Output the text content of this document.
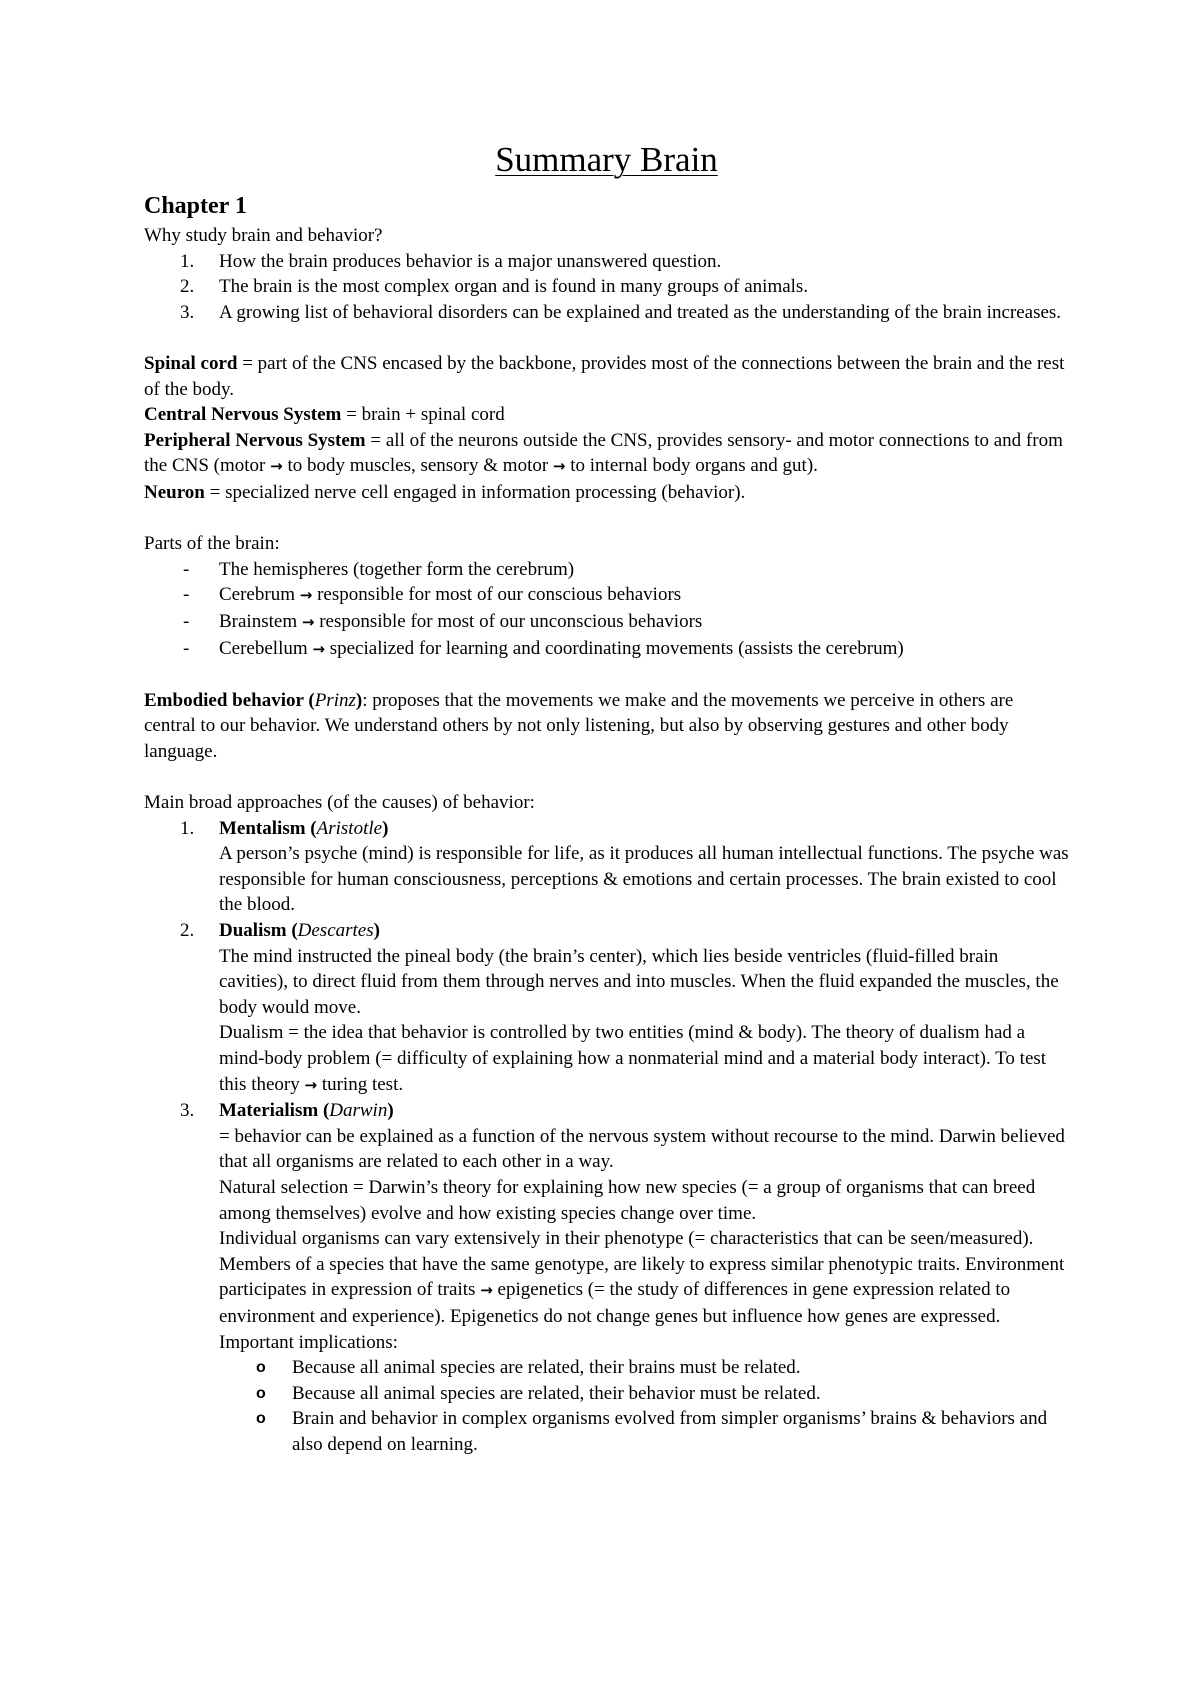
Summary Brain
Chapter 1

Why study brain and behavior?

1. How the brain produces behavior is a major unanswered question.
2. The brain is the most complex organ and is found in many groups of animals.
3. A growing list of behavioral disorders can be explained and treated as the understanding of the brain increases.

Spinal cord = part of the CNS encased by the backbone, provides most of the connections between the brain and the rest of the body.

Central Nervous System = brain + spinal cord

Peripheral Nervous System = all of the neurons outside the CNS, provides sensory- and motor connections to and from the CNS (motor → to body muscles, sensory & motor → to internal body organs and gut).

Neuron = specialized nerve cell engaged in information processing (behavior).

Parts of the brain:

- The hemispheres (together form the cerebrum)
- Cerebrum → responsible for most of our conscious behaviors
- Brainstem → responsible for most of our unconscious behaviors
- Cerebellum → specialized for learning and coordinating movements (assists the cerebrum)

Embodied behavior (Prinz): proposes that the movements we make and the movements we perceive in others are central to our behavior. We understand others by not only listening, but also by observing gestures and other body language.

Main broad approaches (of the causes) of behavior:

1. Mentalism (Aristotle)
A person’s psyche (mind) is responsible for life, as it produces all human intellectual functions. The psyche was responsible for human consciousness, perceptions & emotions and certain processes. The brain existed to cool the blood.
2. Dualism (Descartes)
The mind instructed the pineal body (the brain’s center), which lies beside ventricles (fluid-filled brain cavities), to direct fluid from them through nerves and into muscles. When the fluid expanded the muscles, the body would move.
Dualism = the idea that behavior is controlled by two entities (mind & body). The theory of dualism had a mind-body problem (= difficulty of explaining how a nonmaterial mind and a material body interact). To test this theory → turing test.
3. Materialism (Darwin)
= behavior can be explained as a function of the nervous system without recourse to the mind. Darwin believed that all organisms are related to each other in a way.
Natural selection = Darwin’s theory for explaining how new species (= a group of organisms that can breed among themselves) evolve and how existing species change over time.
Individual organisms can vary extensively in their phenotype (= characteristics that can be seen/measured). Members of a species that have the same genotype, are likely to express similar phenotypic traits. Environment participates in expression of traits → epigenetics (= the study of differences in gene expression related to environment and experience). Epigenetics do not change genes but influence how genes are expressed.
Important implications:
o Because all animal species are related, their brains must be related.
o Because all animal species are related, their behavior must be related.
o Brain and behavior in complex organisms evolved from simpler organisms’ brains & behaviors and also depend on learning.
